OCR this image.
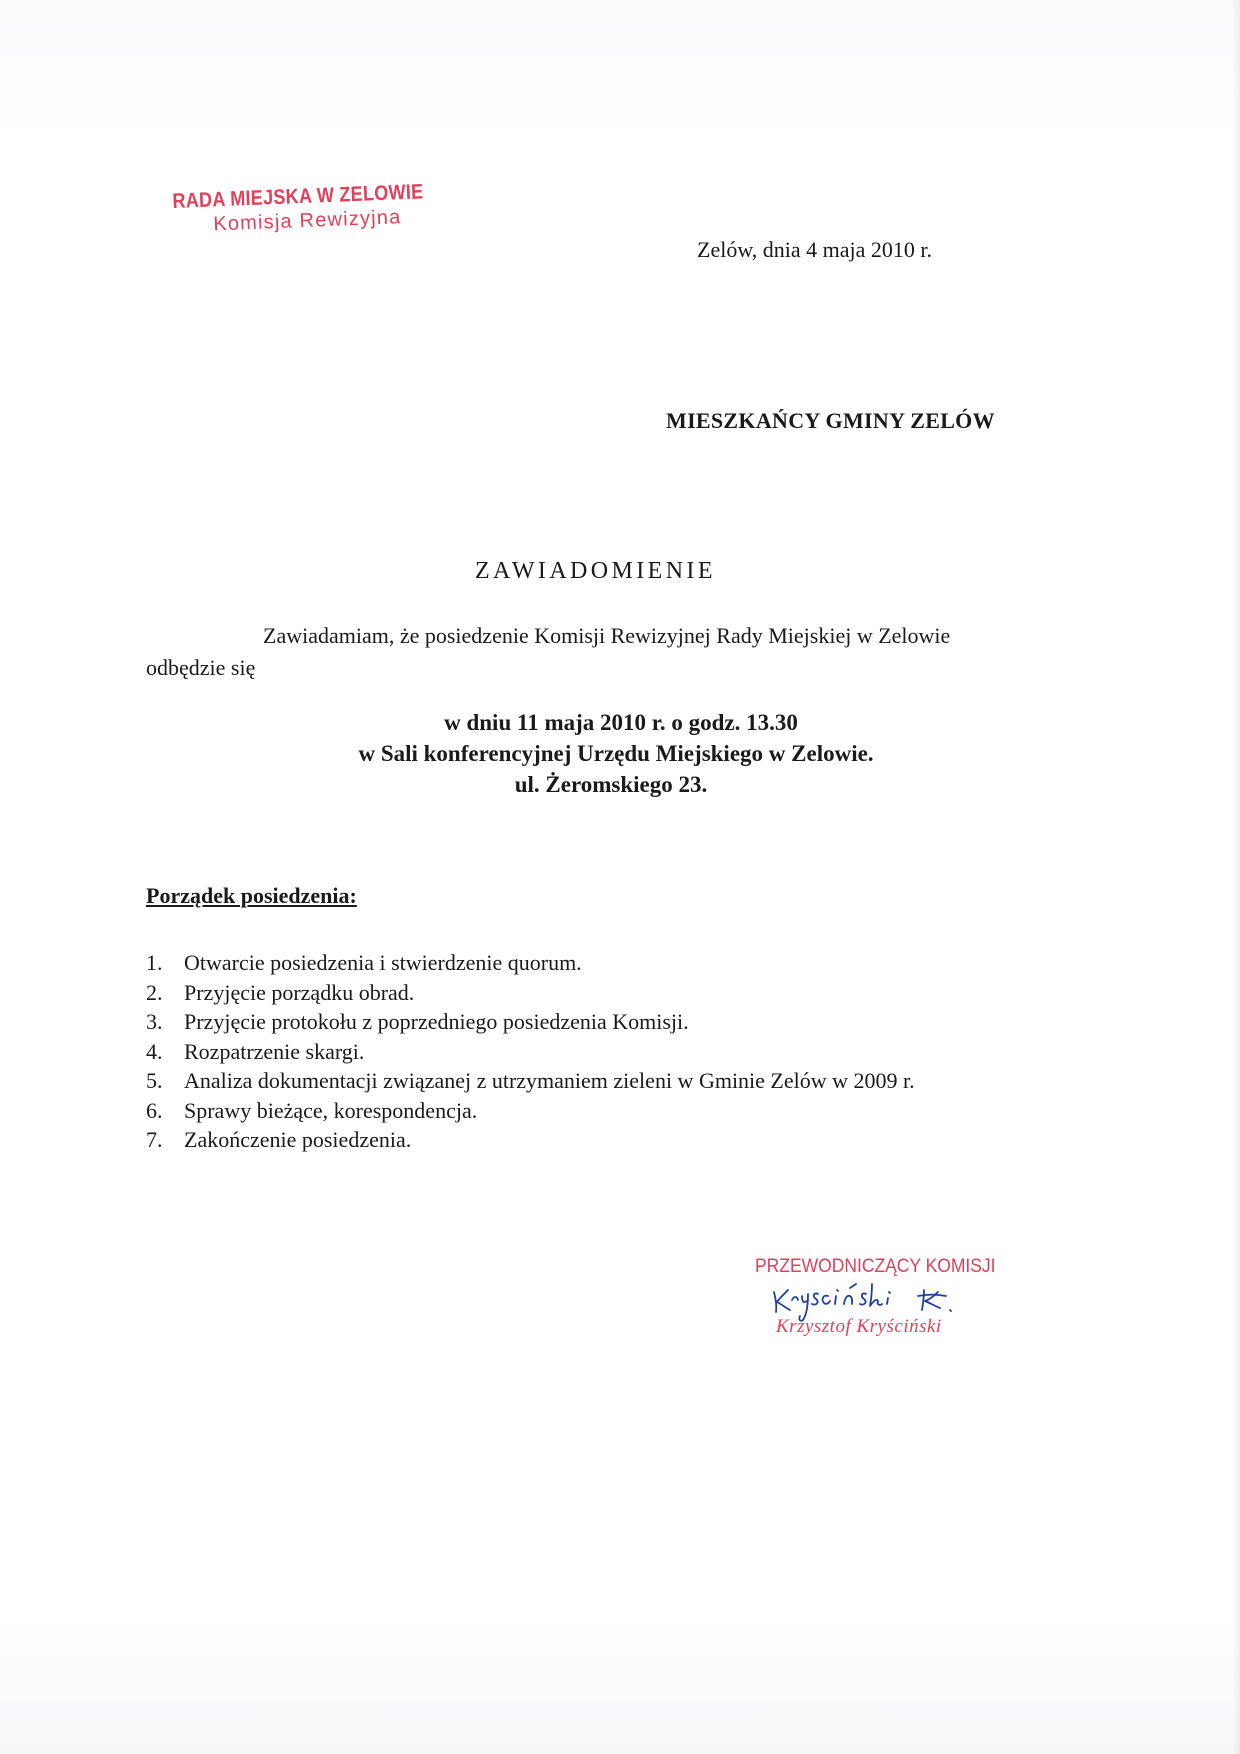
RADA MIEJSKA W ZELOWIE
Komisja Rewizyjna
Zelów, dnia 4 maja 2010 r.
MIESZKAŃCY GMINY ZELÓW
ZAWIADOMIENIE
Zawiadamiam, że posiedzenie Komisji Rewizyjnej Rady Miejskiej w Zelowie
odbędzie się
w dniu 11 maja 2010 r. o godz. 13.30
w Sali konferencyjnej Urzędu Miejskiego w Zelowie.
ul. Żeromskiego 23.
Porządek posiedzenia:
1. Otwarcie posiedzenia i stwierdzenie quorum.
2. Przyjęcie porządku obrad.
3. Przyjęcie protokołu z poprzedniego posiedzenia Komisji.
4. Rozpatrzenie skargi.
5. Analiza dokumentacji związanej z utrzymaniem zieleni w Gminie Zelów w 2009 r.
6. Sprawy bieżące, korespondencja.
7. Zakończenie posiedzenia.
PRZEWODNICZĄCY KOMISJI
Krzysztof Kryściński
